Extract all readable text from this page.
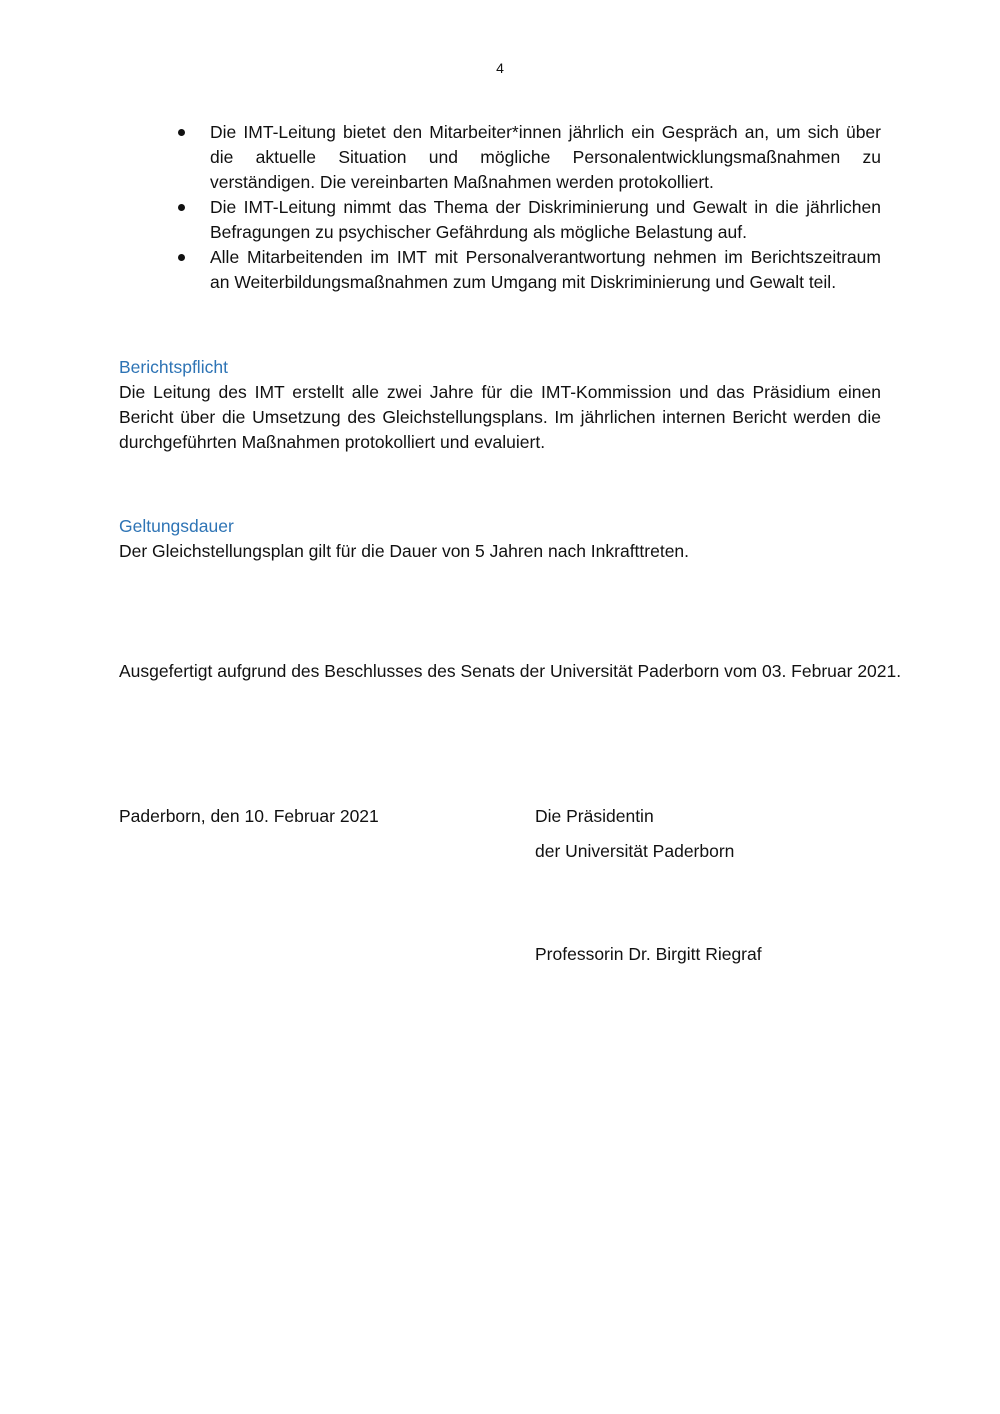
4
Die IMT-Leitung bietet den Mitarbeiter*innen jährlich ein Gespräch an, um sich über die aktuelle Situation und mögliche Personalentwicklungsmaßnahmen zu verständigen. Die vereinbarten Maßnahmen werden protokolliert.
Die IMT-Leitung nimmt das Thema der Diskriminierung und Gewalt in die jährlichen Befragungen zu psychischer Gefährdung als mögliche Belastung auf.
Alle Mitarbeitenden im IMT mit Personalverantwortung nehmen im Berichtszeitraum an Weiterbildungsmaßnahmen zum Umgang mit Diskriminierung und Gewalt teil.
Berichtspflicht

Die Leitung des IMT erstellt alle zwei Jahre für die IMT-Kommission und das Präsidium einen Bericht über die Umsetzung des Gleichstellungsplans. Im jährlichen internen Bericht werden die durchgeführten Maßnahmen protokolliert und evaluiert.

Geltungsdauer

Der Gleichstellungsplan gilt für die Dauer von 5 Jahren nach Inkrafttreten.

Ausgefertigt aufgrund des Beschlusses des Senats der Universität Paderborn vom 03. Februar 2021.
Paderborn, den 10. Februar 2021	Die Präsidentin
der Universität Paderborn
Professorin Dr. Birgitt Riegraf
